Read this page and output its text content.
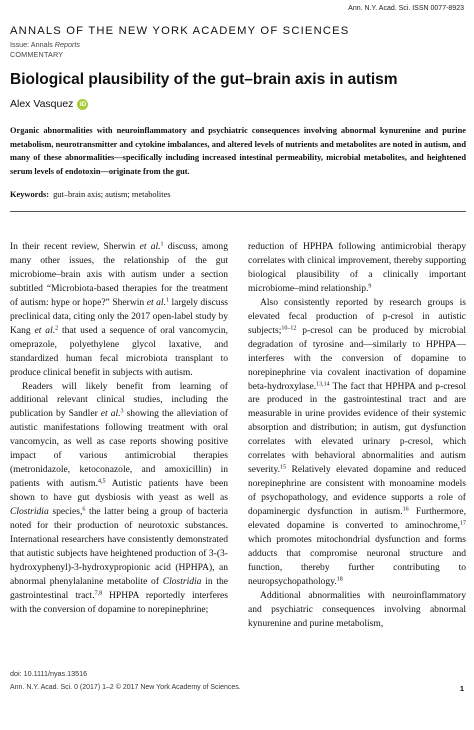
Ann. N.Y. Acad. Sci. ISSN 0077-8923
ANNALS OF THE NEW YORK ACADEMY OF SCIENCES
Issue: Annals Reports
COMMENTARY
Biological plausibility of the gut–brain axis in autism
Alex Vasquez iD
Organic abnormalities with neuroinflammatory and psychiatric consequences involving abnormal kynurenine and purine metabolism, neurotransmitter and cytokine imbalances, and altered levels of nutrients and metabolites are noted in autism, and many of these abnormalities—specifically including increased intestinal permeability, microbial metabolites, and heightened serum levels of endotoxin—originate from the gut.
Keywords: gut–brain axis; autism; metabolites

In their recent review, Sherwin et al.$^1$ discuss, among many other issues, the relationship of the gut microbiome–brain axis with autism under a section subtitled “Microbiota-based therapies for the treatment of autism: hype or hope?” Sherwin et al.$^1$ largely discuss preclinical data, citing only the 2017 open-label study by Kang et al.$^2$ that used a sequence of oral vancomycin, omeprazole, polyethylene glycol laxative, and standardized human fecal microbiota transplant to produce clinical benefit in subjects with autism.

Readers will likely benefit from learning of additional relevant clinical studies, including the publication by Sandler et al.$^3$ showing the alleviation of autistic manifestations following treatment with oral vancomycin, as well as case reports showing positive impact of various antimicrobial therapies (metronidazole, ketoconazole, and amoxicillin) in patients with autism.$^{4,5}$ Autistic patients have been shown to have gut dysbiosis with yeast as well as Clostridia species,$^6$ the latter being a group of bacteria noted for their production of neurotoxic substances. International researchers have consistently demonstrated that autistic subjects have heightened production of 3-(3-hydroxyphenyl)-3-hydroxypropionic acid (HPHPA), an abnormal phenylalanine metabolite of Clostridia in the gastrointestinal tract.$^{7,8}$ HPHPA reportedly interferes with the conversion of dopamine to norepinephrine;

reduction of HPHPA following antimicrobial therapy correlates with clinical improvement, thereby supporting biological plausibility of a clinically important microbiome–mind relationship.$^9$

Also consistently reported by research groups is elevated fecal production of p-cresol in autistic subjects;$^{10-12}$ p-cresol can be produced by microbial degradation of tyrosine and—similarly to HPHPA—interferes with the conversion of dopamine to norepinephrine via covalent inactivation of dopamine beta-hydroxylase.$^{13,14}$ The fact that HPHPA and p-cresol are produced in the gastrointestinal tract and are measurable in urine provides evidence of their systemic absorption and distribution; in autism, gut dysfunction correlates with elevated urinary p-cresol, which correlates with behavioral abnormalities and autism severity.$^{15}$ Relatively elevated dopamine and reduced norepinephrine are consistent with monoamine models of psychopathology, and evidence supports a role of dopaminergic dysfunction in autism.$^{16}$ Furthermore, elevated dopamine is converted to aminochrome,$^{17}$ which promotes mitochondrial dysfunction and forms adducts that compromise neuronal structure and function, thereby further contributing to neuropsychopathology.$^{18}$

Additional abnormalities with neuroinflammatory and psychiatric consequences involving abnormal kynurenine and purine metabolism,

doi: 10.1111/nyas.13516
Ann. N.Y. Acad. Sci. 0 (2017) 1–2 © 2017 New York Academy of Sciences.	1
